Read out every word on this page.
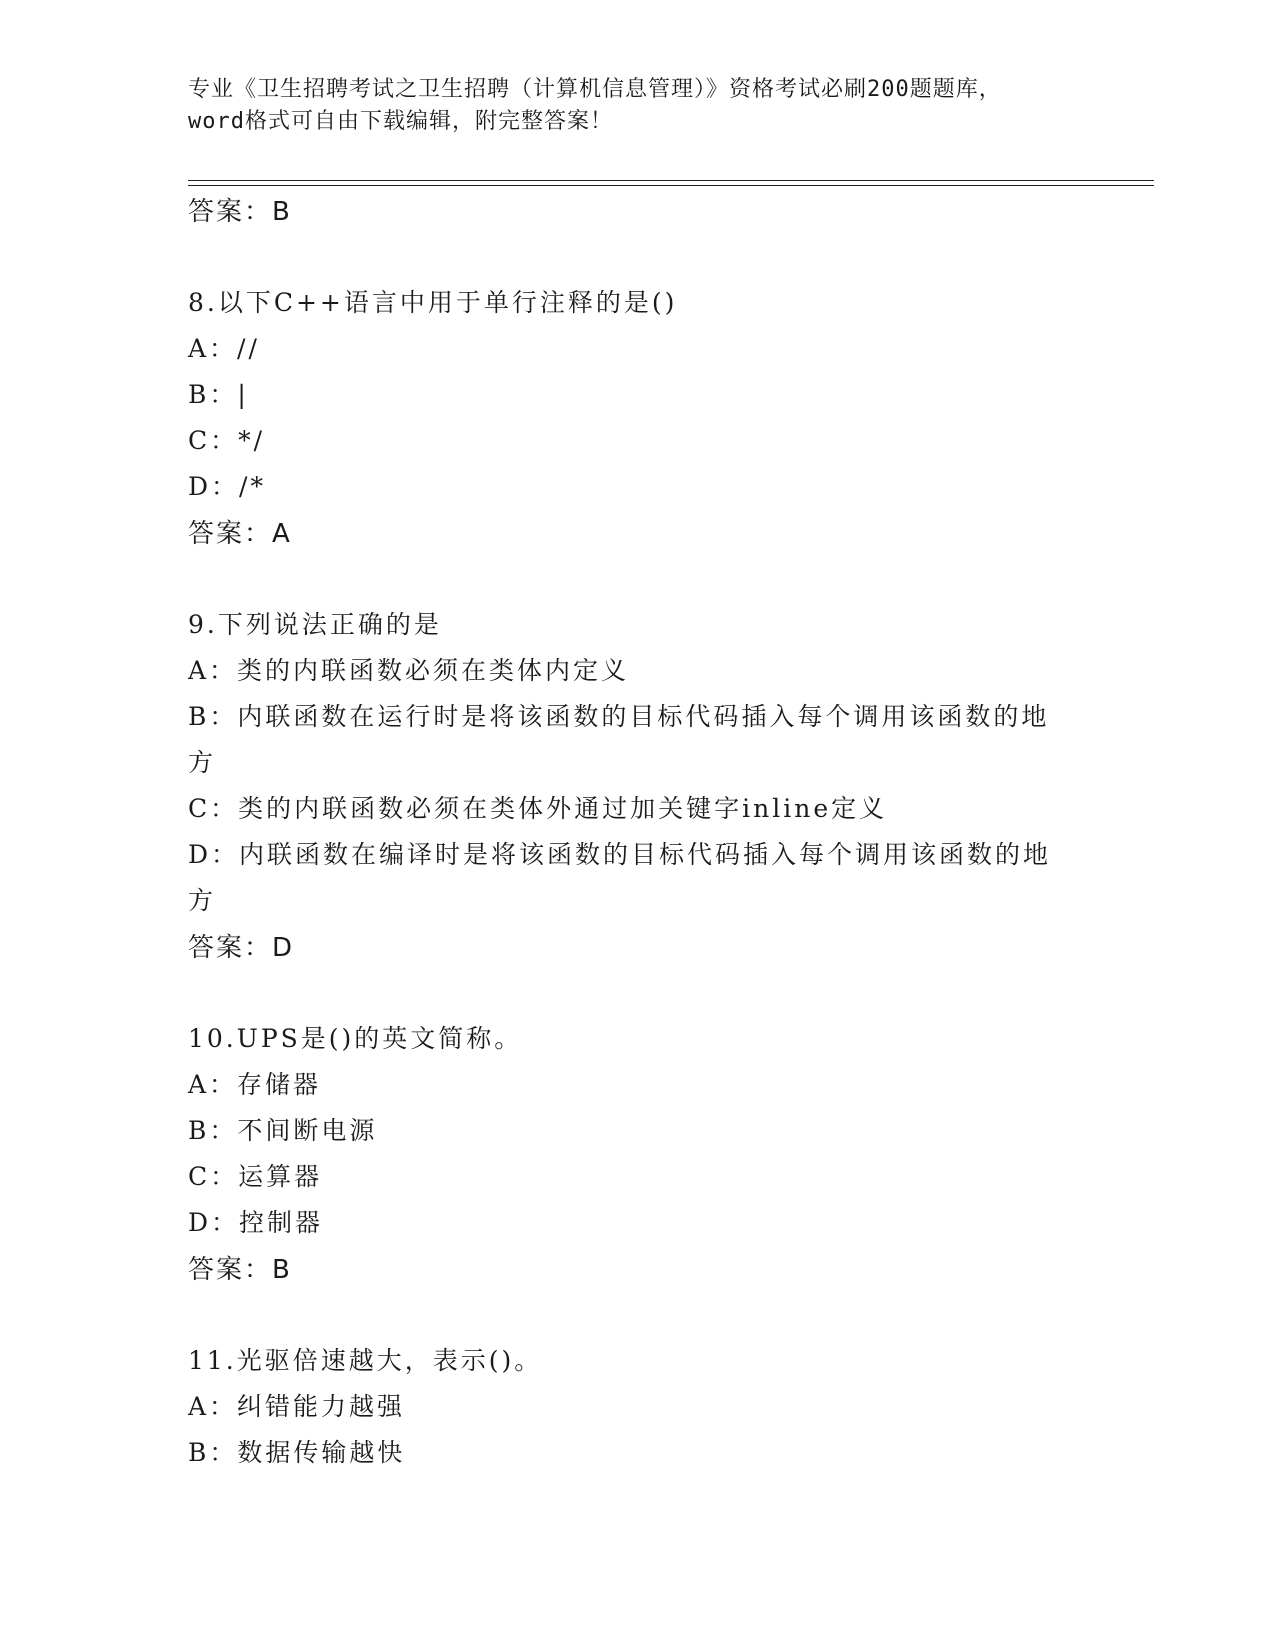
专业《卫生招聘考试之卫生招聘（计算机信息管理）》资格考试必刷200题题库，
word格式可自由下载编辑，附完整答案！
答案：B
8.以下C++语言中用于单行注释的是()
A：//
B：|
C：*/
D：/*
答案：A
9.下列说法正确的是
A：类的内联函数必须在类体内定义
B：内联函数在运行时是将该函数的目标代码插入每个调用该函数的地
方
C：类的内联函数必须在类体外通过加关键字inline定义
D：内联函数在编译时是将该函数的目标代码插入每个调用该函数的地
方
答案：D
10.UPS是()的英文简称。
A：存储器
B：不间断电源
C：运算器
D：控制器
答案：B
11.光驱倍速越大，表示()。
A：纠错能力越强
B：数据传输越快
